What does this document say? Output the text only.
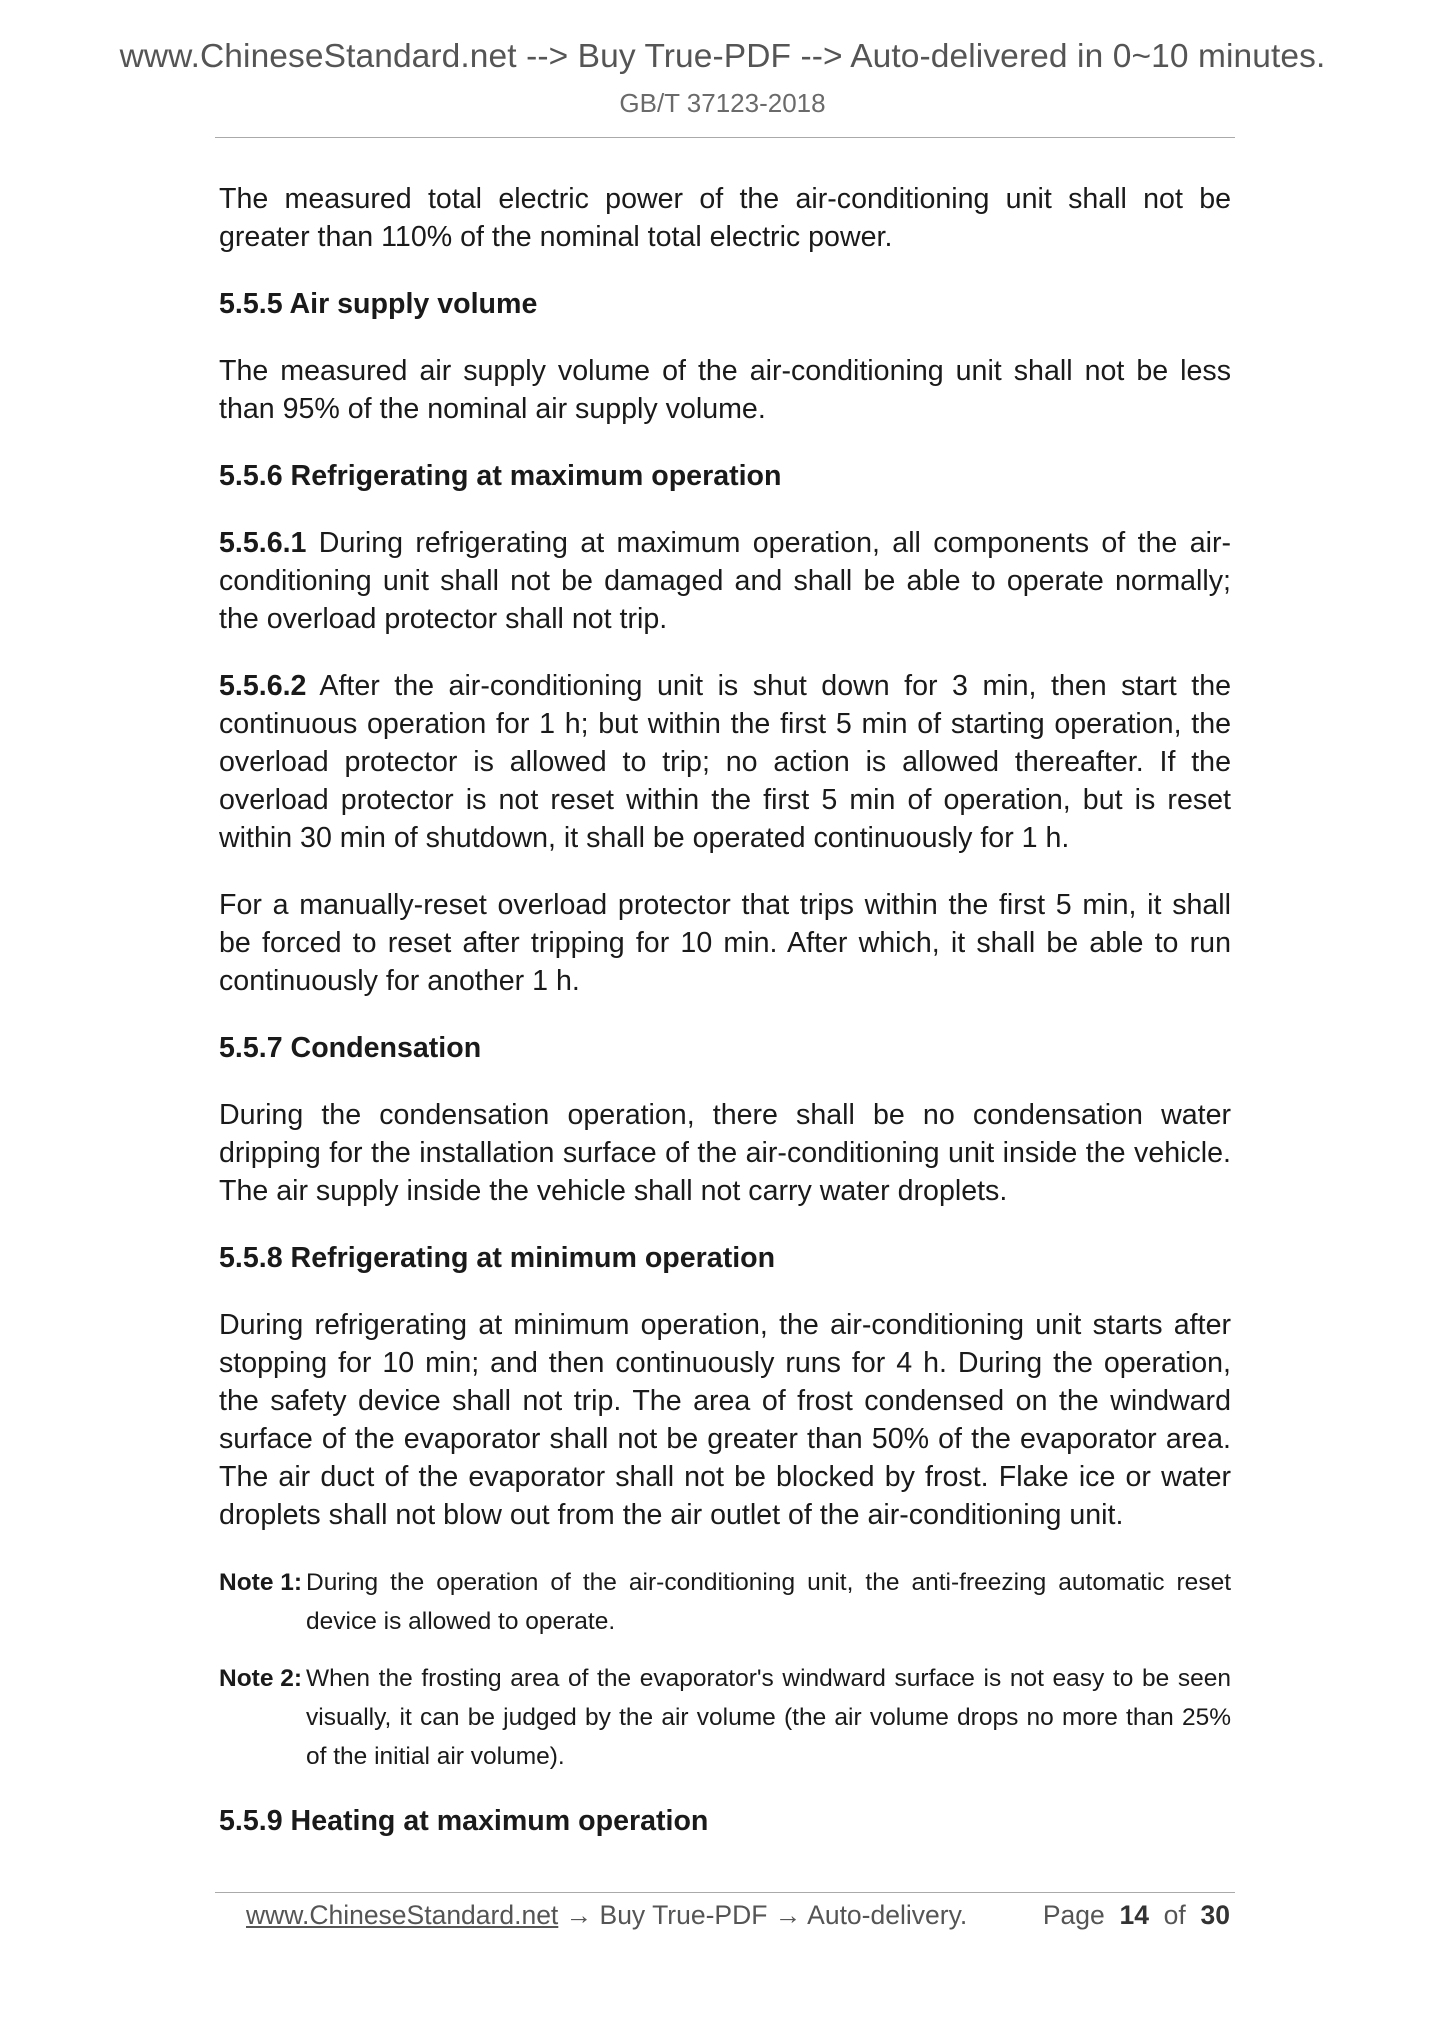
www.ChineseStandard.net --> Buy True-PDF --> Auto-delivered in 0~10 minutes.
GB/T 37123-2018

The measured total electric power of the air-conditioning unit shall not be greater than 110% of the nominal total electric power.

5.5.5 Air supply volume

The measured air supply volume of the air-conditioning unit shall not be less than 95% of the nominal air supply volume.

5.5.6 Refrigerating at maximum operation

5.5.6.1 During refrigerating at maximum operation, all components of the air-conditioning unit shall not be damaged and shall be able to operate normally; the overload protector shall not trip.

5.5.6.2 After the air-conditioning unit is shut down for 3 min, then start the continuous operation for 1 h; but within the first 5 min of starting operation, the overload protector is allowed to trip; no action is allowed thereafter. If the overload protector is not reset within the first 5 min of operation, but is reset within 30 min of shutdown, it shall be operated continuously for 1 h.

For a manually-reset overload protector that trips within the first 5 min, it shall be forced to reset after tripping for 10 min. After which, it shall be able to run continuously for another 1 h.

5.5.7 Condensation

During the condensation operation, there shall be no condensation water dripping for the installation surface of the air-conditioning unit inside the vehicle. The air supply inside the vehicle shall not carry water droplets.

5.5.8 Refrigerating at minimum operation

During refrigerating at minimum operation, the air-conditioning unit starts after stopping for 10 min; and then continuously runs for 4 h. During the operation, the safety device shall not trip. The area of frost condensed on the windward surface of the evaporator shall not be greater than 50% of the evaporator area. The air duct of the evaporator shall not be blocked by frost. Flake ice or water droplets shall not blow out from the air outlet of the air-conditioning unit.

Note 1: During the operation of the air-conditioning unit, the anti-freezing automatic reset device is allowed to operate.

Note 2: When the frosting area of the evaporator's windward surface is not easy to be seen visually, it can be judged by the air volume (the air volume drops no more than 25% of the initial air volume).

5.5.9 Heating at maximum operation

www.ChineseStandard.net → Buy True-PDF → Auto-delivery.	Page 14 of 30
